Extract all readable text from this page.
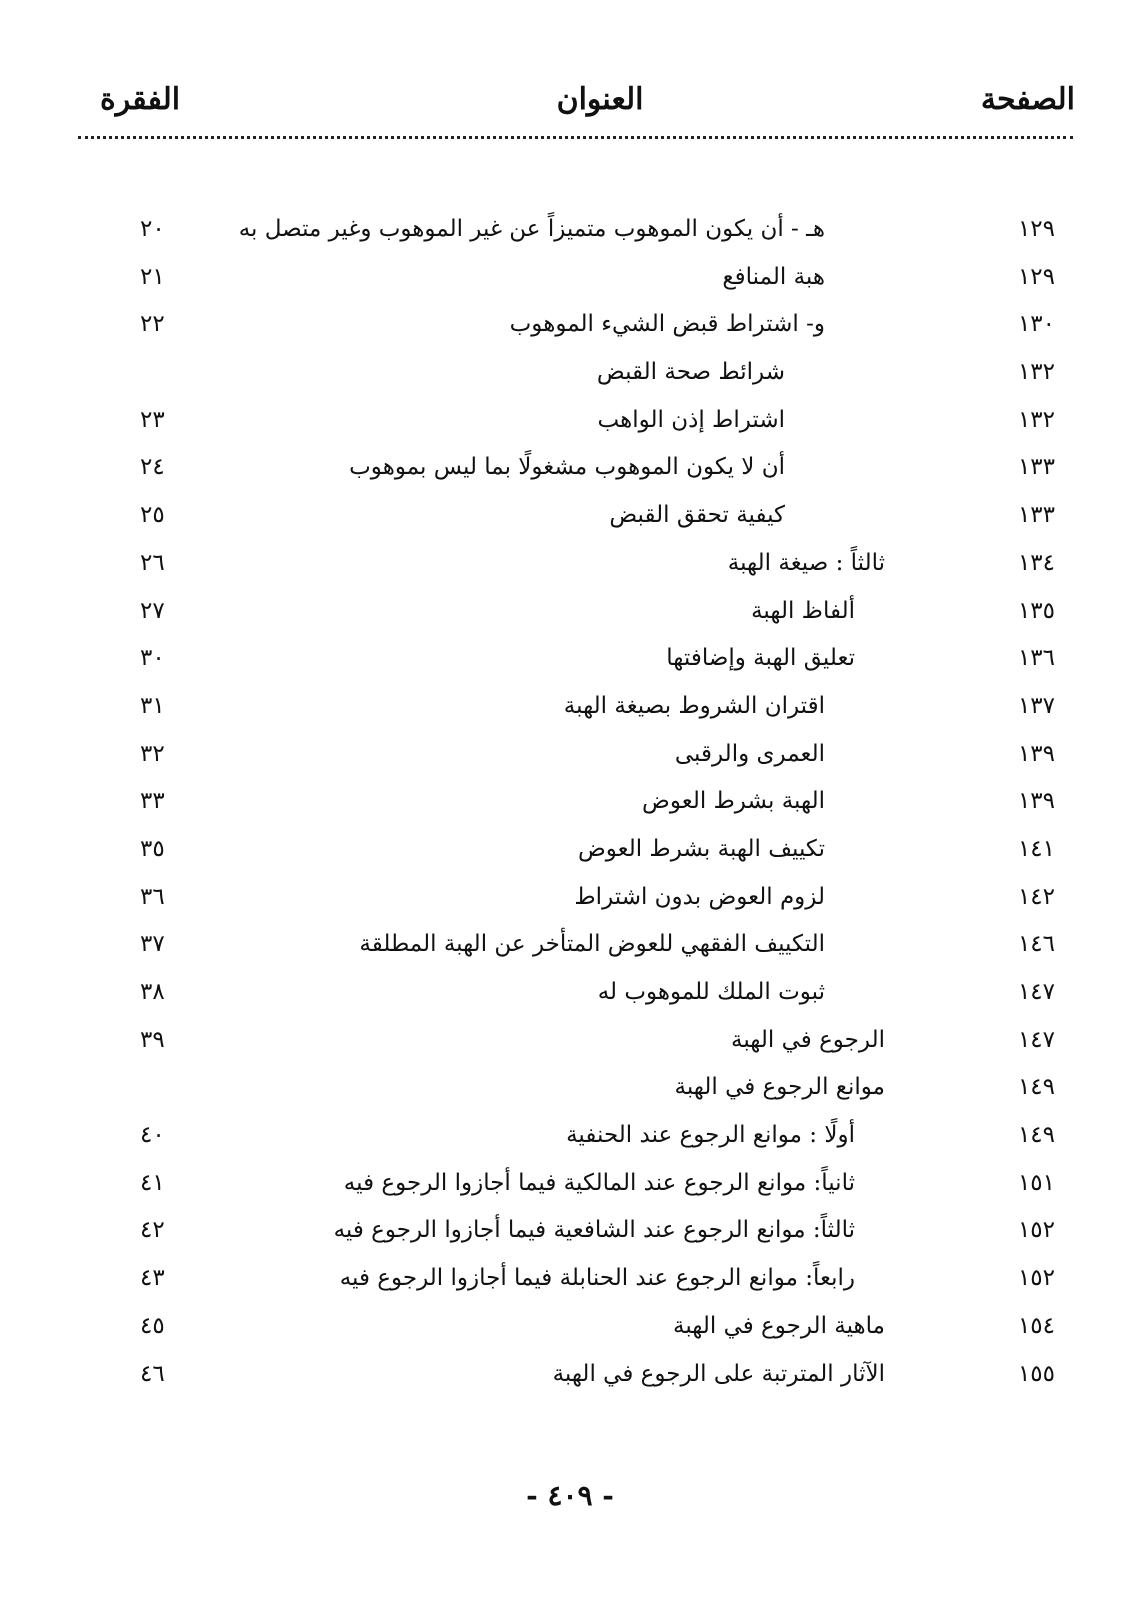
الصفحة
العنوان
الفقرة
١٢٩
هـ - أن يكون الموهوب متميزاً عن غير الموهوب وغير متصل به
٢٠
١٢٩
هبة المنافع
٢١
١٣٠
و- اشتراط قبض الشيء الموهوب
٢٢
١٣٢
شرائط صحة القبض
١٣٢
اشتراط إذن الواهب
٢٣
١٣٣
أن لا يكون الموهوب مشغولًا بما ليس بموهوب
٢٤
١٣٣
كيفية تحقق القبض
٢٥
١٣٤
ثالثاً : صيغة الهبة
٢٦
١٣٥
ألفاظ الهبة
٢٧
١٣٦
تعليق الهبة وإضافتها
٣٠
١٣٧
اقتران الشروط بصيغة الهبة
٣١
١٣٩
العمرى والرقبى
٣٢
١٣٩
الهبة بشرط العوض
٣٣
١٤١
تكييف الهبة بشرط العوض
٣٥
١٤٢
لزوم العوض بدون اشتراط
٣٦
١٤٦
التكييف الفقهي للعوض المتأخر عن الهبة المطلقة
٣٧
١٤٧
ثبوت الملك للموهوب له
٣٨
١٤٧
الرجوع في الهبة
٣٩
١٤٩
موانع الرجوع في الهبة
١٤٩
أولًا : موانع الرجوع عند الحنفية
٤٠
١٥١
ثانياً: موانع الرجوع عند المالكية فيما أجازوا الرجوع فيه
٤١
١٥٢
ثالثاً: موانع الرجوع عند الشافعية فيما أجازوا الرجوع فيه
٤٢
١٥٢
رابعاً: موانع الرجوع عند الحنابلة فيما أجازوا الرجوع فيه
٤٣
١٥٤
ماهية الرجوع في الهبة
٤٥
١٥٥
الآثار المترتبة على الرجوع في الهبة
٤٦
- ٤٠٩ -
